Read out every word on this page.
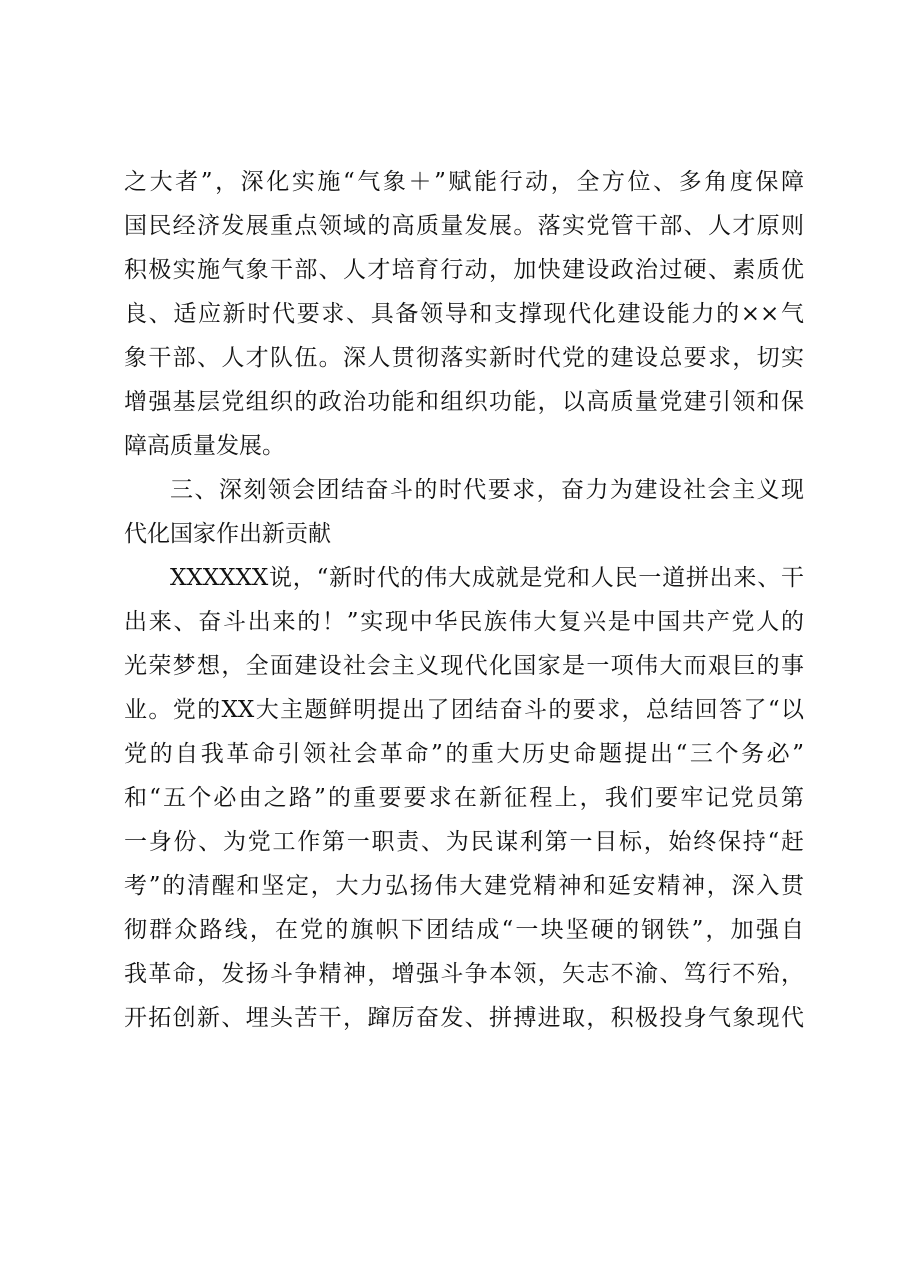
之大者”，深化实施“气象＋”赋能行动，全方位、多角度保障
国民经济发展重点领域的高质量发展。落实党管干部、人才原则
积极实施气象干部、人才培育行动，加快建设政治过硬、素质优
良、适应新时代要求、具备领导和支撑现代化建设能力的××气
象干部、人才队伍。深人贯彻落实新时代党的建设总要求，切实
增强基层党组织的政治功能和组织功能，以高质量党建引领和保
障高质量发展。
三、深刻领会团结奋斗的时代要求，奋力为建设社会主义现
代化国家作出新贡献
XXXXXX说，“新时代的伟大成就是党和人民一道拼出来、干
出来、奋斗出来的！”实现中华民族伟大复兴是中国共产党人的
光荣梦想，全面建设社会主义现代化国家是一项伟大而艰巨的事
业。党的XX大主题鲜明提出了团结奋斗的要求，总结回答了“以
党的自我革命引领社会革命”的重大历史命题提出“三个务必”
和“五个必由之路”的重要要求在新征程上，我们要牢记党员第
一身份、为党工作第一职责、为民谋利第一目标，始终保持“赶
考”的清醒和坚定，大力弘扬伟大建党精神和延安精神，深入贯
彻群众路线，在党的旗帜下团结成“一块坚硬的钢铁”，加强自
我革命，发扬斗争精神，增强斗争本领，矢志不渝、笃行不殆，
开拓创新、埋头苦干，蹿厉奋发、拼搏进取，积极投身气象现代
